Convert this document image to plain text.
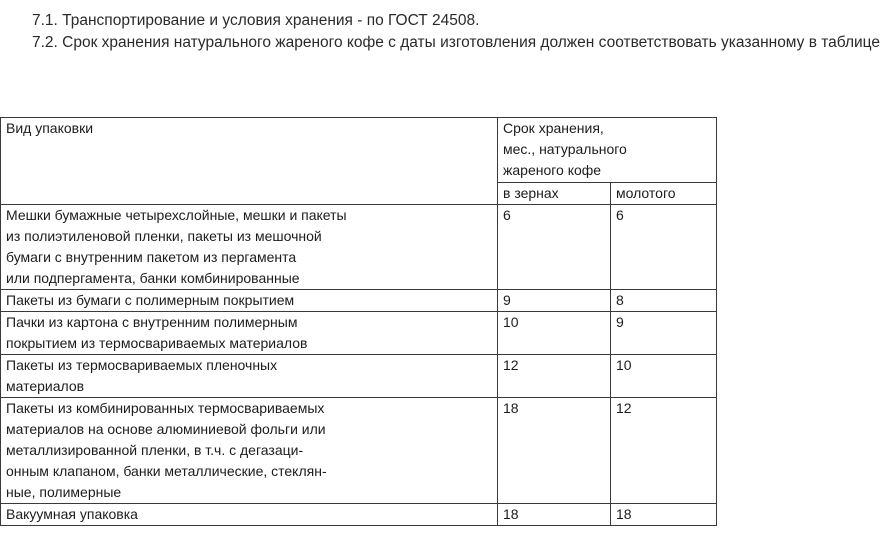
7.1. Транспортирование и условия хранения - по ГОСТ 24508.
7.2. Срок хранения натурального жареного кофе с даты изготовления должен соответствовать указанному в таблице
Вид упаковки	Срок хранения,
мес., натурального
жареного кофе	
	в зернах	молотого
Мешки бумажные четырехслойные, мешки и пакеты
из полиэтиленовой пленки, пакеты из мешочной
бумаги с внутренним пакетом из пергамента
или подпергамента, банки комбинированные	6	6
Пакеты из бумаги с полимерным покрытием	9	8
Пачки из картона с внутренним полимерным
покрытием из термосвариваемых материалов	10	9
Пакеты из термосвариваемых пленочных
материалов	12	10
Пакеты из комбинированных термосвариваемых
материалов на основе алюминиевой фольги или
металлизированной пленки, в т.ч. с дегазаци-
онным клапаном, банки металлические, стеклян-
ные, полимерные	18	12
Вакуумная упаковка	18	18
